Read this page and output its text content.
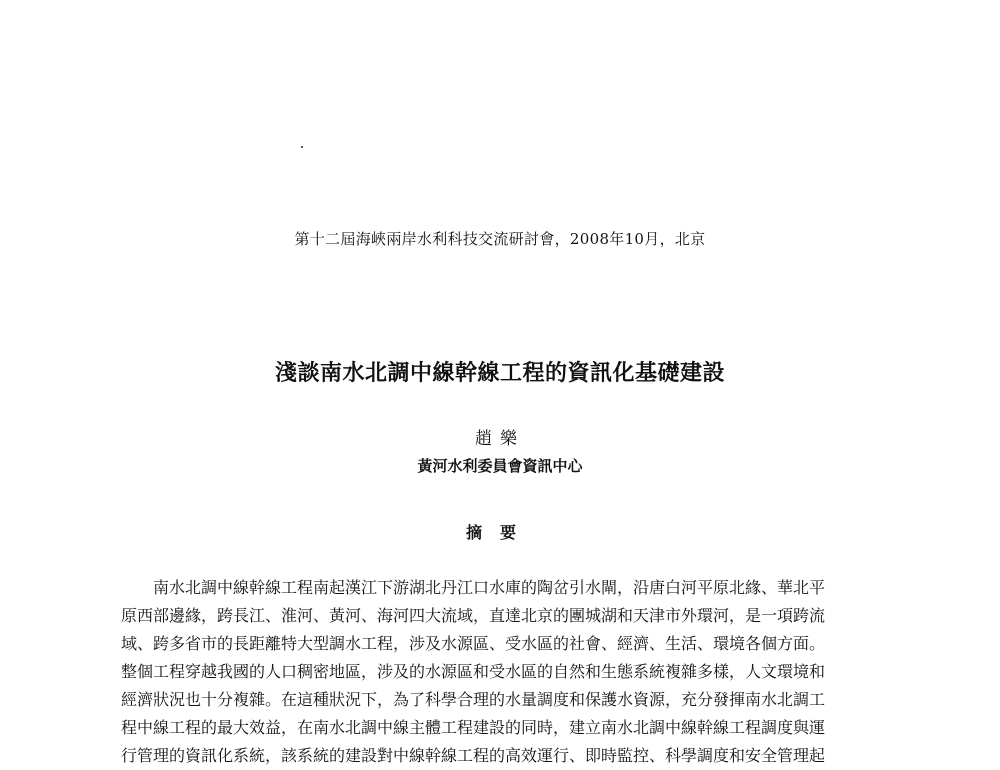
第十二屆海峽兩岸水利科技交流研討會，2008年10月，北京
淺談南水北調中線幹線工程的資訊化基礎建設
趙樂
黃河水利委員會資訊中心
摘要
南水北調中線幹線工程南起漢江下游湖北丹江口水庫的陶岔引水閘，沿唐白河平原北緣、華北平
原西部邊緣，跨長江、淮河、黃河、海河四大流域，直達北京的團城湖和天津市外環河，是一項跨流
域、跨多省市的長距離特大型調水工程，涉及水源區、受水區的社會、經濟、生活、環境各個方面。
整個工程穿越我國的人口稠密地區，涉及的水源區和受水區的自然和生態系統複雜多樣，人文環境和
經濟狀況也十分複雜。在這種狀況下，為了科學合理的水量調度和保護水資源，充分發揮南水北調工
程中線工程的最大效益，在南水北調中線主體工程建設的同時，建立南水北調中線幹線工程調度與運
行管理的資訊化系統，該系統的建設對中線幹線工程的高效運行、即時監控、科學調度和安全管理起
